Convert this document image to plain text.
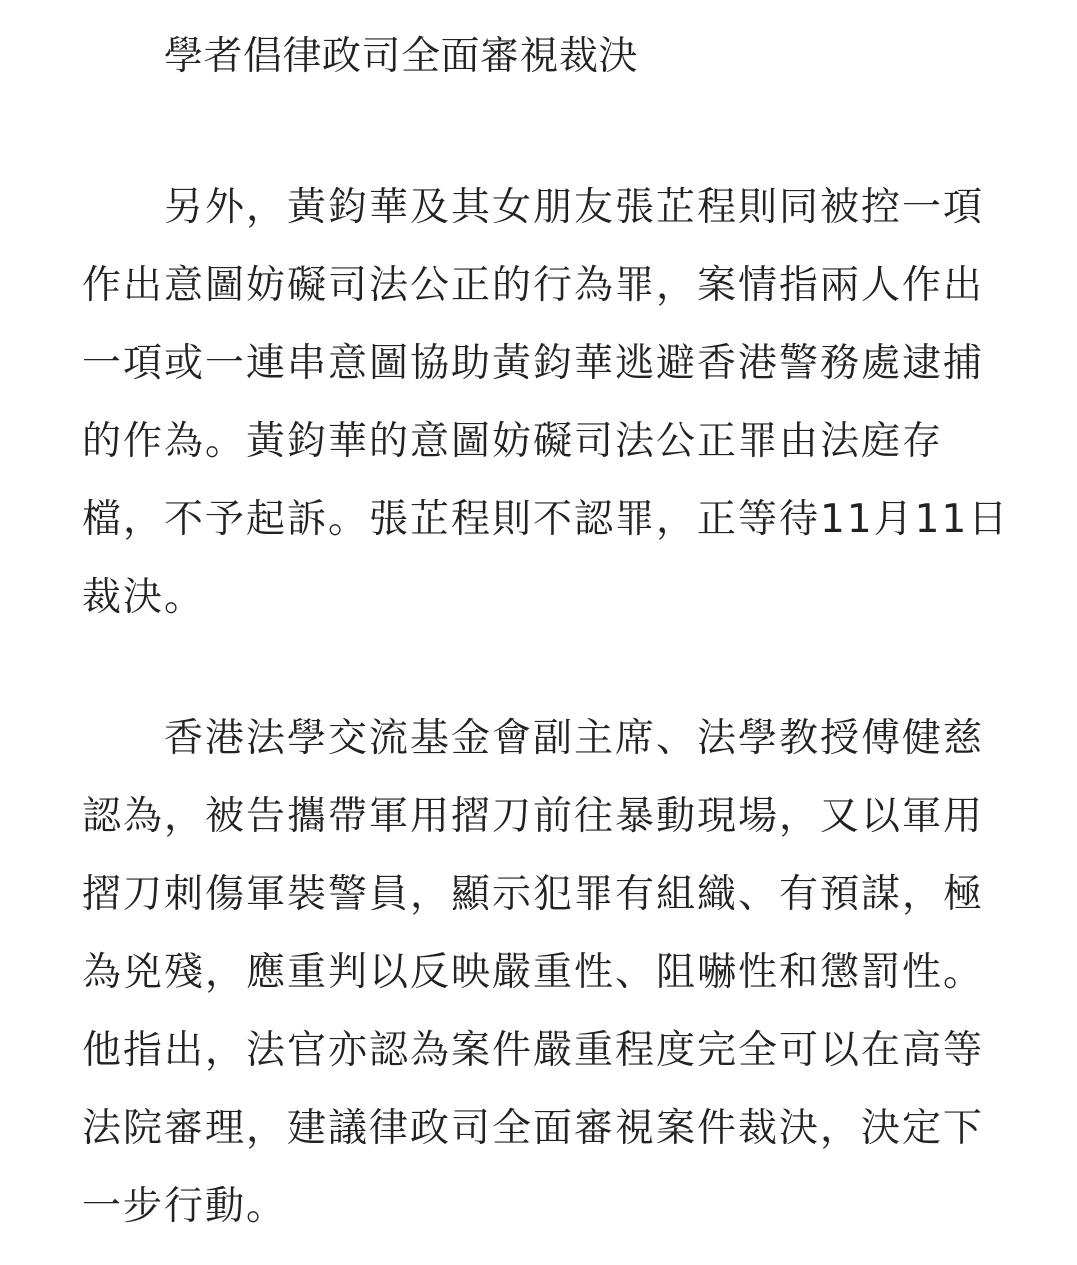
學者倡律政司全面審視裁決

另外，黃鈞華及其女朋友張芷程則同被控一項
作出意圖妨礙司法公正的行為罪，案情指兩人作出
一項或一連串意圖協助黃鈞華逃避香港警務處逮捕
的作為。黃鈞華的意圖妨礙司法公正罪由法庭存
檔，不予起訴。張芷程則不認罪，正等待11月11日
裁決。

香港法學交流基金會副主席、法學教授傅健慈
認為，被告攜帶軍用摺刀前往暴動現場，又以軍用
摺刀刺傷軍裝警員，顯示犯罪有組織、有預謀，極
為兇殘，應重判以反映嚴重性、阻嚇性和懲罰性。
他指出，法官亦認為案件嚴重程度完全可以在高等
法院審理，建議律政司全面審視案件裁決，決定下
一步行動。
